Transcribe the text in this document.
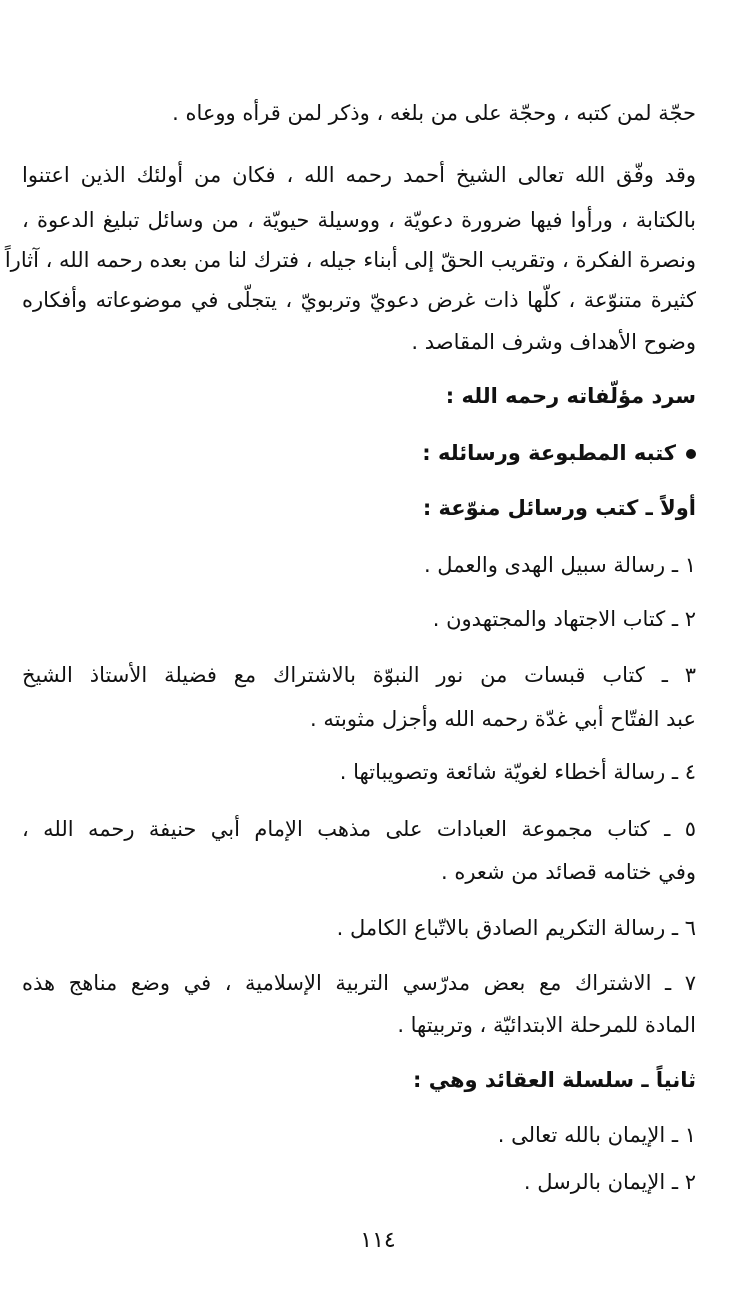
حجّة لمن كتبه ، وحجّة على من بلغه ، وذكر لمن قرأه ووعاه .
وقد وفّق الله تعالى الشيخ أحمد رحمه الله ، فكان من أولئك الذين اعتنوا
بالكتابة ، ورأوا فيها ضرورة دعويّة ، ووسيلة حيويّة ، من وسائل تبليغ الدعوة ،
ونصرة الفكرة ، وتقريب الحقّ إلى أبناء جيله ، فترك لنا من بعده رحمه الله ، آثاراً
كثيرة متنوّعة ، كلّها ذات غرض دعويّ وتربويّ ، يتجلّى في موضوعاته وأفكاره
وضوح الأهداف وشرف المقاصد .
سرد مؤلّفاته رحمه الله :
كتبه المطبوعة ورسائله :
أولاً ـ كتب ورسائل منوّعة :
١ ـ رسالة سبيل الهدى والعمل .
٢ ـ كتاب الاجتهاد والمجتهدون .
٣ ـ كتاب قبسات من نور النبوّة بالاشتراك مع فضيلة الأستاذ الشيخ
عبد الفتّاح أبي غدّة رحمه الله وأجزل مثوبته .
٤ ـ رسالة أخطاء لغويّة شائعة وتصويباتها .
٥ ـ كتاب مجموعة العبادات على مذهب الإمام أبي حنيفة رحمه الله ،
وفي ختامه قصائد من شعره .
٦ ـ رسالة التكريم الصادق بالاتّباع الكامل .
٧ ـ الاشتراك مع بعض مدرّسي التربية الإسلامية ، في وضع مناهج هذه
المادة للمرحلة الابتدائيّة ، وتربيتها .
ثانياً ـ سلسلة العقائد وهي :
١ ـ الإيمان بالله تعالى .
٢ ـ الإيمان بالرسل .
١١٤
